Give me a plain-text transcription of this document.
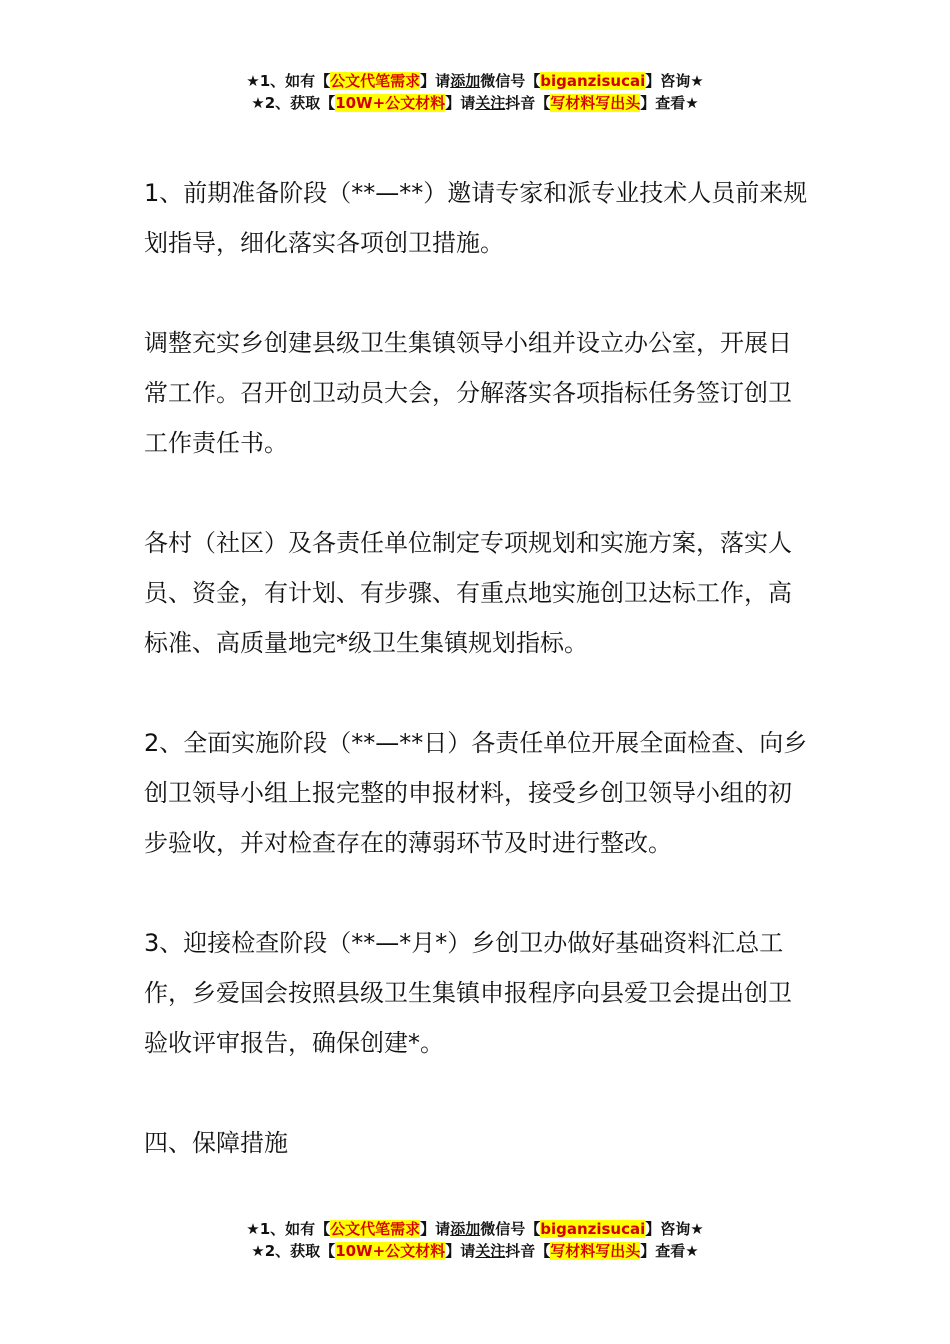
★1、如有【公文代笔需求】请添加微信号【biganzisucai】咨询★
★2、获取【10W+公文材料】请关注抖音【写材料写出头】查看★

1、前期准备阶段（**—**）邀请专家和派专业技术人员前来规划指导，细化落实各项创卫措施。

调整充实乡创建县级卫生集镇领导小组并设立办公室，开展日常工作。召开创卫动员大会，分解落实各项指标任务签订创卫工作责任书。

各村（社区）及各责任单位制定专项规划和实施方案，落实人员、资金，有计划、有步骤、有重点地实施创卫达标工作，高标准、高质量地完*级卫生集镇规划指标。

2、全面实施阶段（**—**日）各责任单位开展全面检查、向乡创卫领导小组上报完整的申报材料，接受乡创卫领导小组的初步验收，并对检查存在的薄弱环节及时进行整改。

3、迎接检查阶段（**—*月*）乡创卫办做好基础资料汇总工作，乡爱国会按照县级卫生集镇申报程序向县爱卫会提出创卫验收评审报告，确保创建*。

四、保障措施

★1、如有【公文代笔需求】请添加微信号【biganzisucai】咨询★
★2、获取【10W+公文材料】请关注抖音【写材料写出头】查看★
